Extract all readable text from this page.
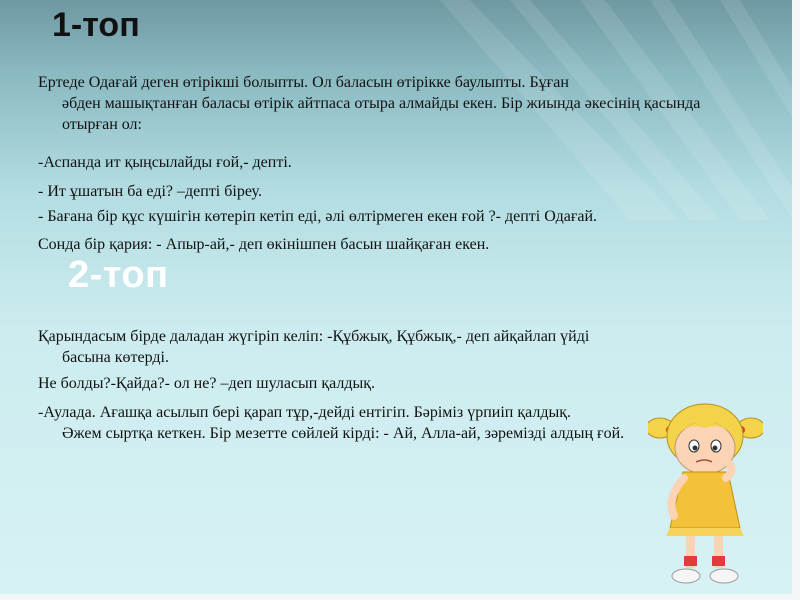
1-топ

Ертеде Одағай деген өтірікші болыпты. Ол баласын өтірікке баулыпты. Бұған
әбден машықтанған баласы өтірік айтпаса отыра алмайды екен. Бір жиында әкесінің қасында отырған ол:

-Аспанда ит қыңсылайды ғой,- депті.

- Ит ұшатын ба еді? –депті біреу.

- Бағана бір құс күшігін көтеріп кетіп еді, әлі өлтірмеген екен ғой ?- депті Одағай.

Сонда бір қария: - Апыр-ай,- деп өкінішпен басын шайқаған екен.

2-топ

Қарындасым бірде даладан жүгіріп келіп: -Құбжық, Құбжық,- деп айқайлап үйді
басына көтерді.

Не болды?-Қайда?- ол не? –деп шуласып қалдық.

-Аулада. Ағашқа асылып бері қарап тұр,-дейді ентігіп. Бәріміз үрпиіп қалдық.
Әжем сыртқа кеткен. Бір мезетте сөйлей кірді: - Ай, Алла-ай, зәремізді алдың ғой.
